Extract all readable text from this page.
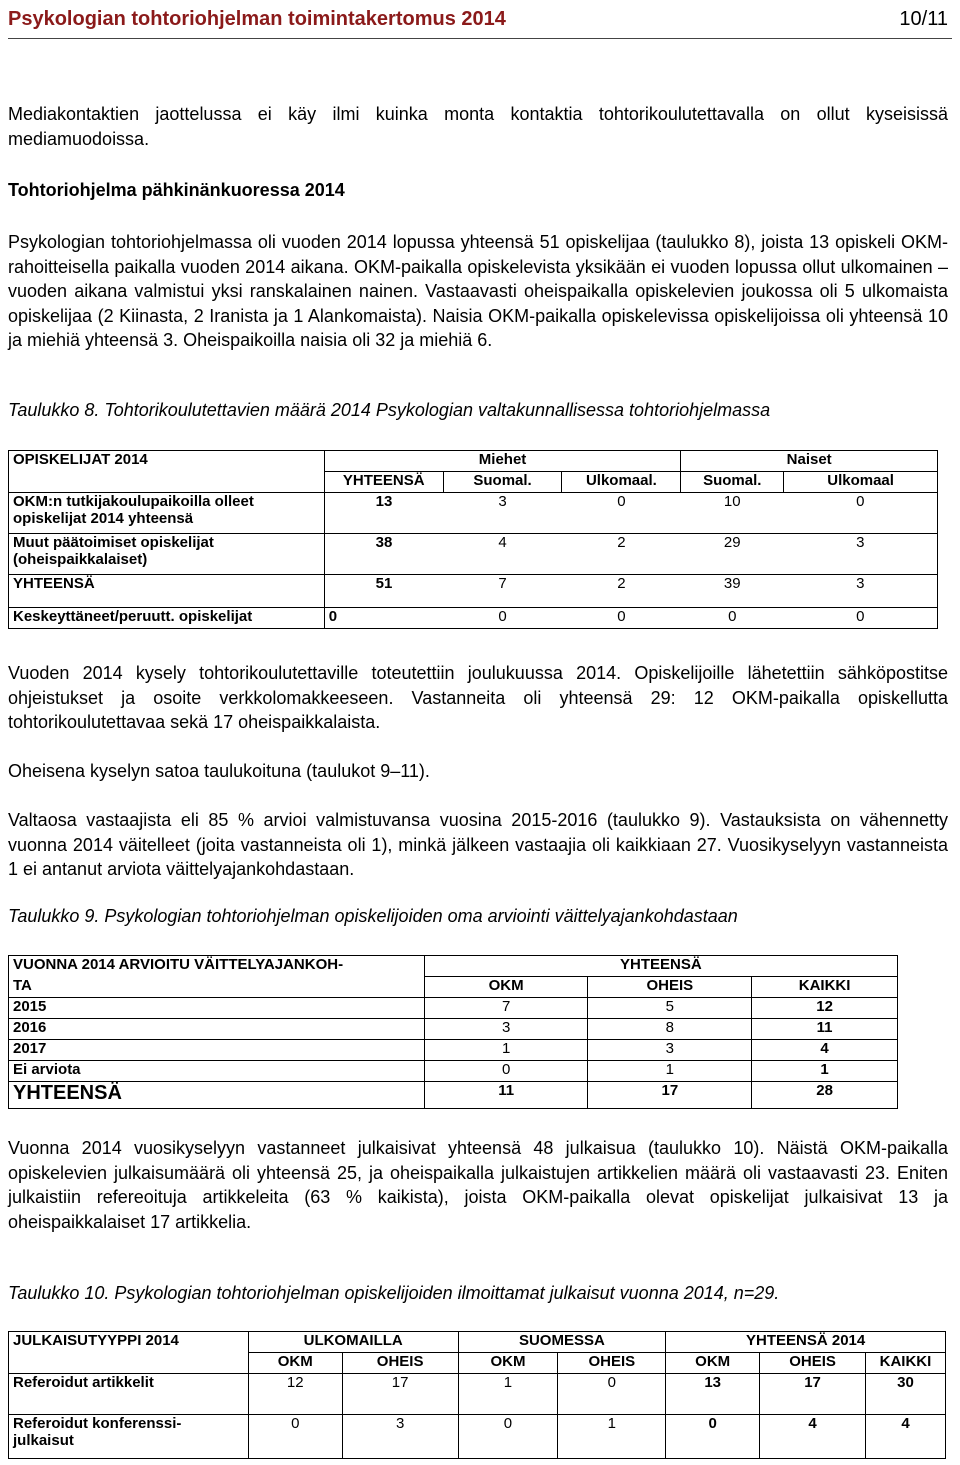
Psykologian tohtoriohjelman toimintakertomus 2014	10/11
Mediakontaktien jaottelussa ei käy ilmi kuinka monta kontaktia tohtorikoulutettavalla on ollut kyseisissä mediamuodoissa.
Tohtoriohjelma pähkinänkuoressa 2014
Psykologian tohtoriohjelmassa oli vuoden 2014 lopussa yhteensä 51 opiskelijaa (taulukko 8), joista 13 opiskeli OKM-rahoitteisella paikalla vuoden 2014 aikana. OKM-paikalla opiskelevista yksikään ei vuoden lopussa ollut ulkomainen – vuoden aikana valmistui yksi ranskalainen nainen. Vastaavasti oheispaikalla opiskelevien joukossa oli 5 ulkomaista opiskelijaa (2 Kiinasta, 2 Iranista ja 1 Alankomaista). Naisia OKM-paikalla opiskelevissa opiskelijoissa oli yhteensä 10 ja miehiä yhteensä 3. Oheispaikoilla naisia oli 32 ja miehiä 6.
Taulukko 8. Tohtorikoulutettavien määrä 2014 Psykologian valtakunnallisessa tohtoriohjelmassa
OPISKELIJAT 2014	Miehet			Naiset	
	YHTEENSÄ	Suomal.	Ulkomaal.	Suomal.	Ulkomaal

OKM:n tutkijakoulupaikoilla olleet
opiskelijat 2014 yhteensä	13	3	0	10	0

Muut päätoimiset opiskelijat
(oheispaikkalaiset)	38	4	2	29	3
YHTEENSÄ	51	7	2	39	3
Keskeyttäneet/peruutt. opiskelijat	0	0	0	0	0
Vuoden 2014 kysely tohtorikoulutettaville toteutettiin joulukuussa 2014. Opiskelijoille lähetettiin sähköpostitse ohjeistukset ja osoite verkkolomakkeeseen. Vastanneita oli yhteensä 29: 12 OKM-paikalla opiskellutta tohtorikoulutettavaa sekä 17 oheispaikkalaista.
Oheisena kyselyn satoa taulukoituna (taulukot 9–11).
Valtaosa vastaajista eli 85 % arvioi valmistuvansa vuosina 2015-2016 (taulukko 9). Vastauksista on vähennetty vuonna 2014 väitelleet (joita vastanneista oli 1), minkä jälkeen vastaajia oli kaikkiaan 27. Vuosikyselyyn vastanneista 1 ei antanut arviota väittelyajankohdastaan.
Taulukko 9. Psykologian tohtoriohjelman opiskelijoiden oma arviointi väittelyajankohdastaan
VUONNA 2014 ARVIOITU VÄITTELYAJANKOH-	YHTEENSÄ		
TA	OKM	OHEIS	KAIKKI
2015	7	5	12
2016	3	8	11
2017	1	3	4
Ei arviota	0	1	1
YHTEENSÄ	11	17	28
Vuonna 2014 vuosikyselyyn vastanneet julkaisivat yhteensä 48 julkaisua (taulukko 10). Näistä OKM-paikalla opiskelevien julkaisumäärä oli yhteensä 25, ja oheispaikalla julkaistujen artikkelien määrä oli vastaavasti 23. Eniten julkaistiin refereoituja artikkeleita (63 % kaikista), joista OKM-paikalla olevat opiskelijat julkaisivat 13 ja oheispaikkalaiset 17 artikkelia.
Taulukko 10. Psykologian tohtoriohjelman opiskelijoiden ilmoittamat julkaisut vuonna 2014, n=29.
JULKAISUTYYPPI 2014	ULKOMAILLA		SUOMESSA		YHTEENSÄ 2014		
	OKM	OHEIS	OKM	OHEIS	OKM	OHEIS	KAIKKI
Referoidut artikkelit	12	17	1	0	13	17	30

Referoidut konferenssi-
julkaisut	0	3	0	1	0	4	4
